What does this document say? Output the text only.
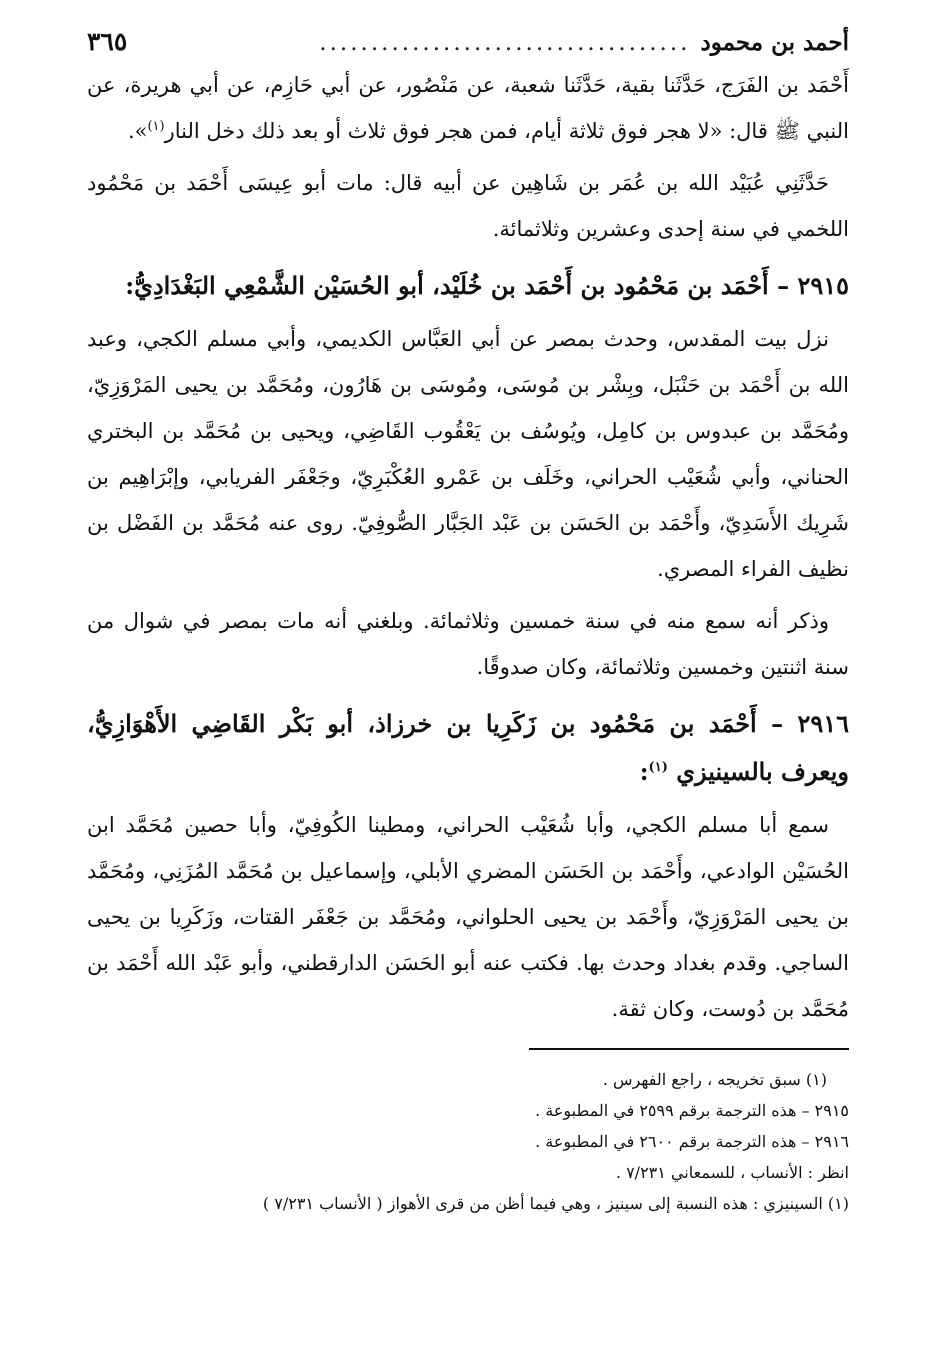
أحمد بن محمود
....................................
٣٦٥

أَحْمَد بن الفَرَج، حَدَّثَنا بقية، حَدَّثَنا شعبة، عن مَنْصُور، عن أبي حَازِم، عن أبي هريرة، عن النبي ﷺ قال: «لا هجر فوق ثلاثة أيام، فمن هجر فوق ثلاث أو بعد ذلك دخل النار$^{(١)}$».

حَدَّثَنِي عُبَيْد الله بن عُمَر بن شَاهِين عن أبيه قال: مات أبو عِيسَى أَحْمَد بن مَحْمُود اللخمي في سنة إحدى وعشرين وثلاثمائة.

٢٩١٥ – أَحْمَد بن مَحْمُود بن أَحْمَد بن خُلَيْد، أبو الحُسَيْن الشَّمْعِي البَغْدَادِيُّ:

نزل بيت المقدس، وحدث بمصر عن أبي العَبَّاس الكديمي، وأبي مسلم الكجي، وعبد الله بن أَحْمَد بن حَنْبَل، وبِشْر بن مُوسَى، ومُوسَى بن هَارُون، ومُحَمَّد بن يحيى المَرْوَزِيّ، ومُحَمَّد بن عبدوس بن كامِل، ويُوسُف بن يَعْقُوب القَاضِي، ويحيى بن مُحَمَّد بن البختري الحناني، وأبي شُعَيْب الحراني، وخَلَف بن عَمْرو العُكْبَرِيّ، وجَعْفَر الفريابي، وإبْرَاهِيم بن شَرِيك الأَسَدِيّ، وأَحْمَد بن الحَسَن بن عَبْد الجَبَّار الصُّوفِيّ. روى عنه مُحَمَّد بن الفَضْل بن نظيف الفراء المصري.

وذكر أنه سمع منه في سنة خمسين وثلاثمائة. وبلغني أنه مات بمصر في شوال من سنة اثنتين وخمسين وثلاثمائة، وكان صدوقًا.

٢٩١٦ – أَحْمَد بن مَحْمُود بن زَكَرِيا بن خرزاذ، أبو بَكْر القَاضِي الأَهْوَازِيُّ، ويعرف بالسينيزي $^{(١)}$:

سمع أبا مسلم الكجي، وأبا شُعَيْب الحراني، ومطينا الكُوفِيّ، وأبا حصين مُحَمَّد ابن الحُسَيْن الوادعي، وأَحْمَد بن الحَسَن المضري الأبلي، وإسماعيل بن مُحَمَّد المُزَنِي، ومُحَمَّد بن يحيى المَرْوَزِيّ، وأَحْمَد بن يحيى الحلواني، ومُحَمَّد بن جَعْفَر القتات، وزَكَرِيا بن يحيى الساجي. وقدم بغداد وحدث بها. فكتب عنه أبو الحَسَن الدارقطني، وأبو عَبْد الله أَحْمَد بن مُحَمَّد بن دُوست، وكان ثقة.

(١) سبق تخريجه ، راجع الفهرس .

٢٩١٥ – هذه الترجمة برقم ٢٥٩٩ في المطبوعة .

٢٩١٦ – هذه الترجمة برقم ٢٦٠٠ في المطبوعة .

انظر : الأنساب ، للسمعاني ٧/٢٣١ .

(١) السينيزي : هذه النسبة إلى سينيز ، وهي فيما أظن من قرى الأهواز ( الأنساب ٧/٢٣١ )
